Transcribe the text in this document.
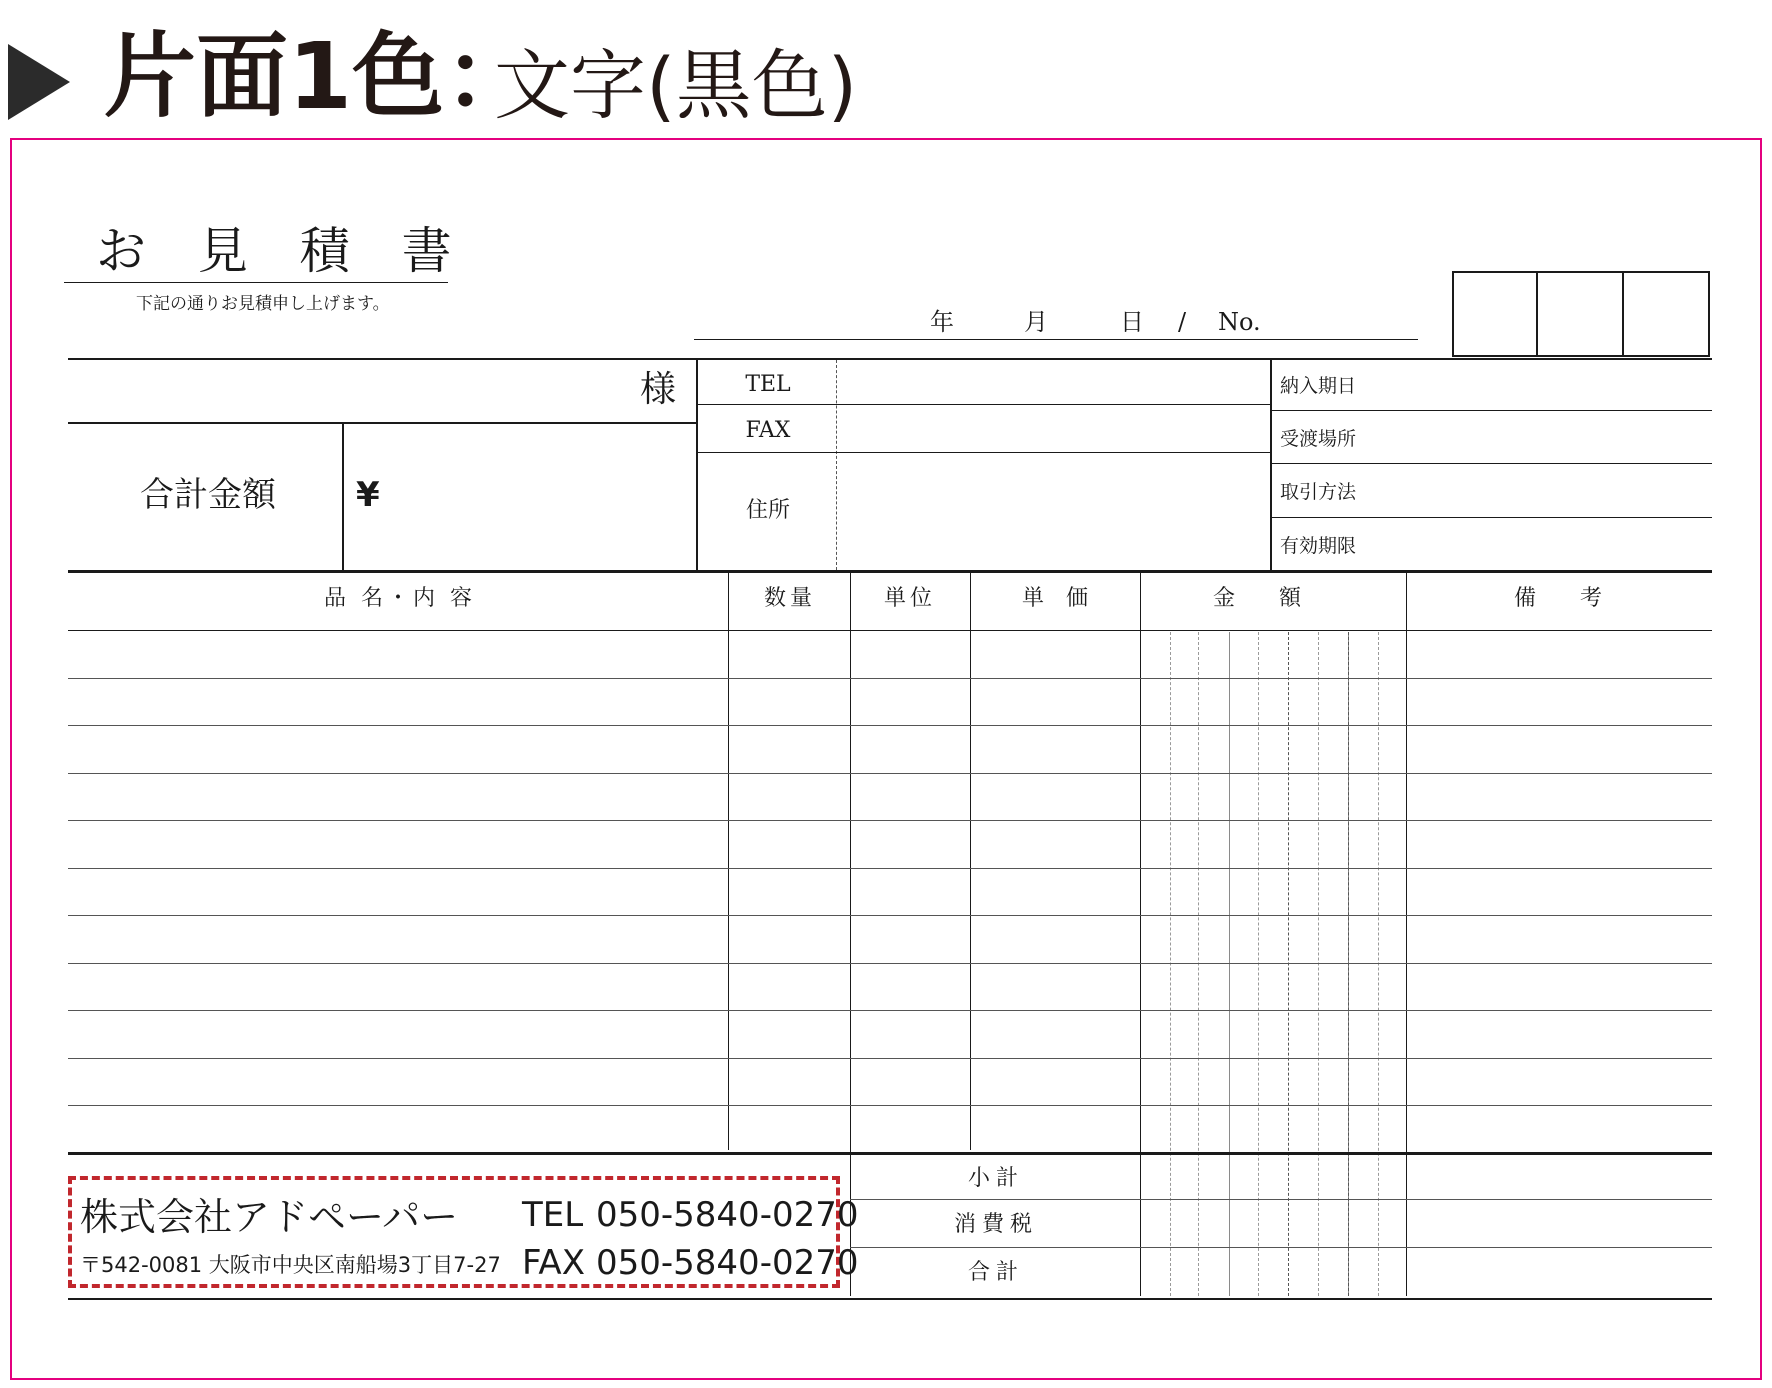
片面1色：
文字(黒色)
お 見 積 書
下記の通りお見積申し上げます。
年	月	日 / No.
様
合計金額 ¥
TEL
FAX
住所
納入期日
受渡場所
取引方法
有効期限
品 名・内 容	数量	単位	単　価	金　　額	備　　考
小計
消費税
合計
株式会社アドペーパー
〒542-0081 大阪市中央区南船場3丁目7-27
TEL 050-5840-0270
FAX 050-5840-0270
